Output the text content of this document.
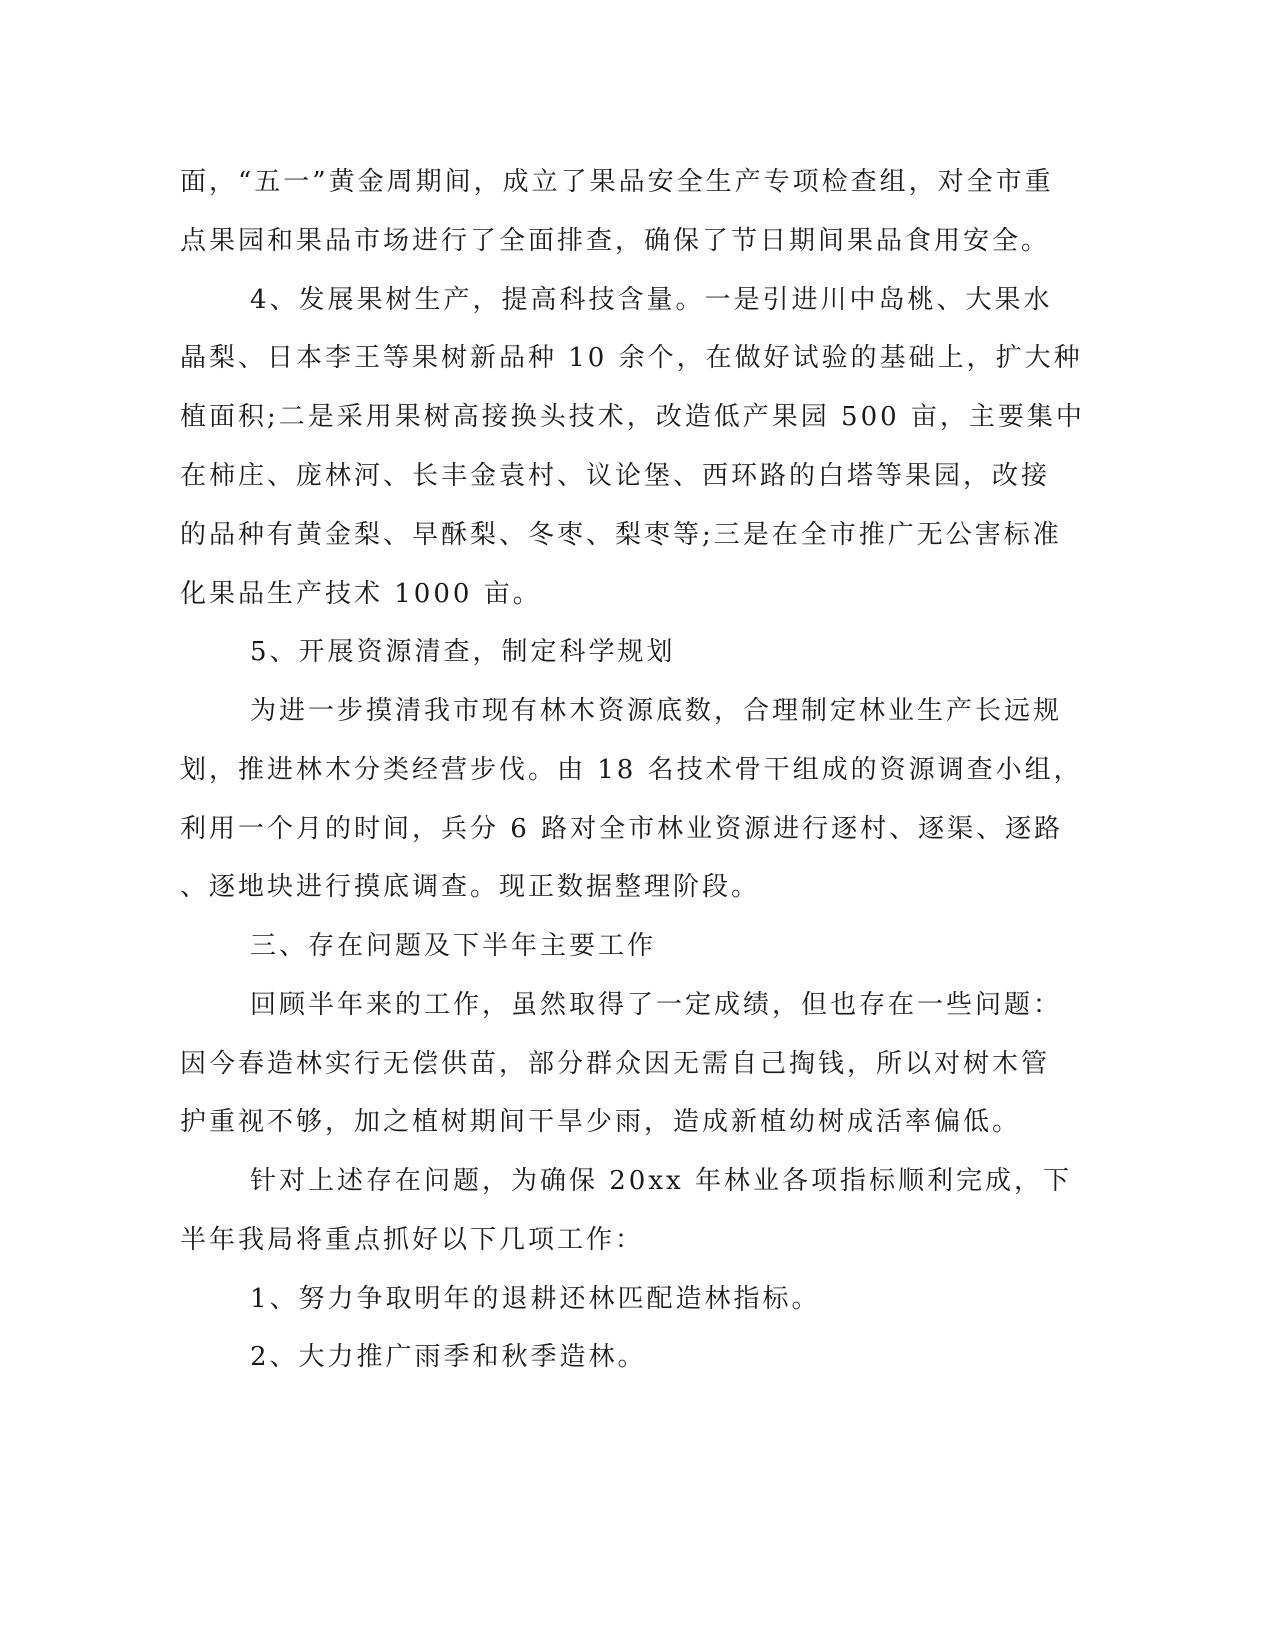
面，“五一”黄金周期间，成立了果品安全生产专项检查组，对全市重
点果园和果品市场进行了全面排查，确保了节日期间果品食用安全。
4、发展果树生产，提高科技含量。一是引进川中岛桃、大果水
晶梨、日本李王等果树新品种 10 余个，在做好试验的基础上，扩大种
植面积;二是采用果树高接换头技术，改造低产果园 500 亩，主要集中
在柿庄、庞林河、长丰金袁村、议论堡、西环路的白塔等果园，改接
的品种有黄金梨、早酥梨、冬枣、梨枣等;三是在全市推广无公害标准
化果品生产技术 1000 亩。
5、开展资源清查，制定科学规划
为进一步摸清我市现有林木资源底数，合理制定林业生产长远规
划，推进林木分类经营步伐。由 18 名技术骨干组成的资源调查小组，
利用一个月的时间，兵分 6 路对全市林业资源进行逐村、逐渠、逐路
、逐地块进行摸底调查。现正数据整理阶段。
三、存在问题及下半年主要工作
回顾半年来的工作，虽然取得了一定成绩，但也存在一些问题：
因今春造林实行无偿供苗，部分群众因无需自己掏钱，所以对树木管
护重视不够，加之植树期间干旱少雨，造成新植幼树成活率偏低。
针对上述存在问题，为确保 20xx 年林业各项指标顺利完成，下
半年我局将重点抓好以下几项工作：
1、努力争取明年的退耕还林匹配造林指标。
2、大力推广雨季和秋季造林。
